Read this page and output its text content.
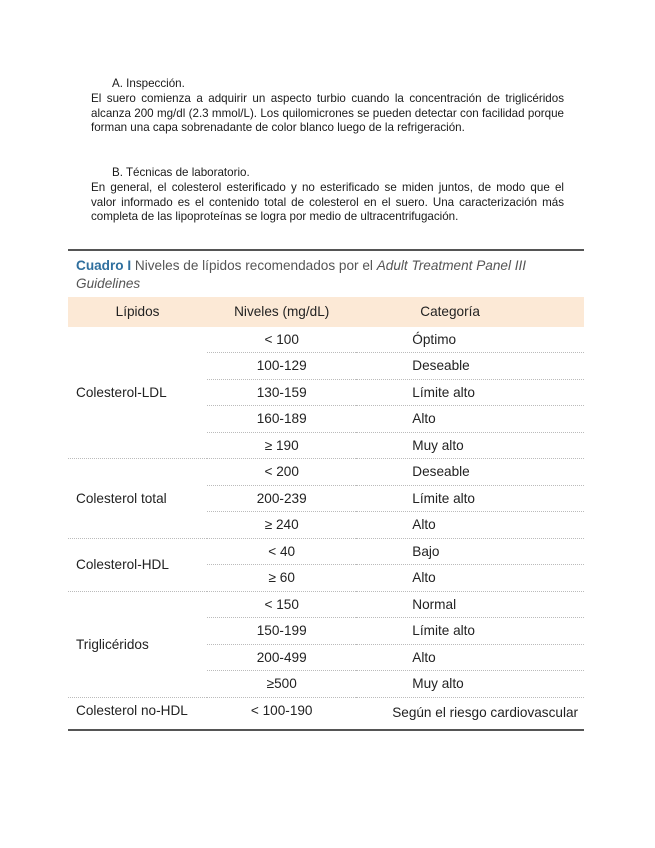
A. Inspección.
El suero comienza a adquirir un aspecto turbio cuando la concentración de triglicéridos alcanza 200 mg/dl (2.3 mmol/L). Los quilomicrones se pueden detectar con facilidad porque forman una capa sobrenadante de color blanco luego de la refrigeración.
B. Técnicas de laboratorio.
En general, el colesterol esterificado y no esterificado se miden juntos, de modo que el valor informado es el contenido total de colesterol en el suero. Una caracterización más completa de las lipoproteínas se logra por medio de ultracentrifugación.
Cuadro I Niveles de lípidos recomendados por el Adult Treatment Panel III Guidelines
Lípidos	Niveles (mg/dL)	Categoría
Colesterol-LDL	< 100	Óptimo
	100-129	Deseable
	130-159	Límite alto
	160-189	Alto
	≥ 190	Muy alto
Colesterol total	< 200	Deseable
	200-239	Límite alto
	≥ 240	Alto
Colesterol-HDL	< 40	Bajo
	≥ 60	Alto
Triglicéridos	< 150	Normal
	150-199	Límite alto
	200-499	Alto
	≥500	Muy alto
Colesterol no-HDL	< 100-190	Según el riesgo cardiovascular
